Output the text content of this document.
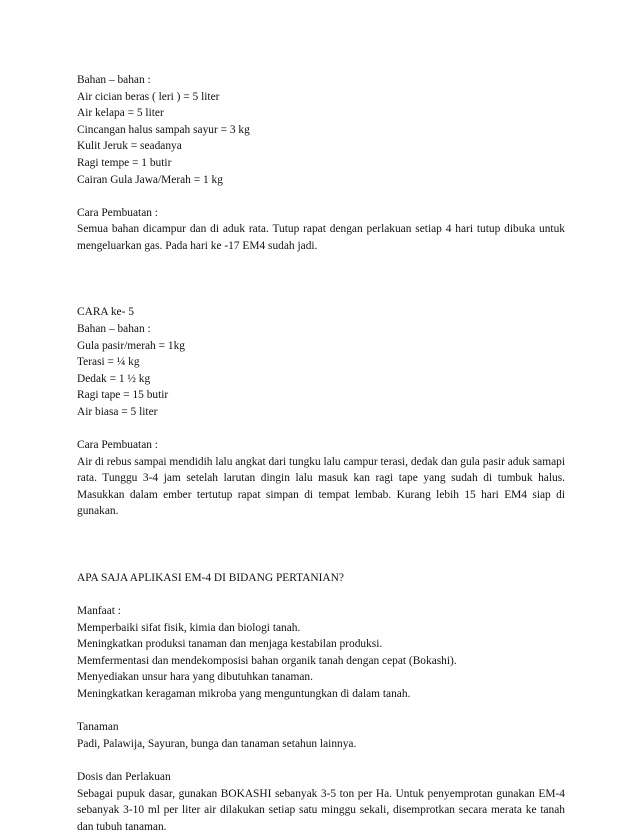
Bahan – bahan :
Air cician beras ( leri ) = 5 liter
Air kelapa = 5 liter
Cincangan halus sampah sayur = 3 kg
Kulit Jeruk = seadanya
Ragi tempe = 1 butir
Cairan Gula Jawa/Merah = 1 kg
Cara Pembuatan :
Semua bahan dicampur dan di aduk rata. Tutup rapat dengan perlakuan setiap 4 hari tutup dibuka untuk mengeluarkan gas. Pada hari ke -17 EM4 sudah jadi.
CARA ke- 5
Bahan – bahan :
Gula pasir/merah = 1kg
Terasi = ¼ kg
Dedak = 1 ½ kg
Ragi tape = 15 butir
Air biasa = 5 liter
Cara Pembuatan :
Air di rebus sampai mendidih lalu angkat dari tungku lalu campur terasi, dedak dan gula pasir aduk samapi rata. Tunggu 3-4 jam setelah larutan dingin lalu masuk kan ragi tape yang sudah di tumbuk halus. Masukkan dalam ember tertutup rapat simpan di tempat lembab. Kurang lebih 15 hari EM4 siap di gunakan.
APA SAJA APLIKASI EM-4 DI BIDANG PERTANIAN?
Manfaat :
Memperbaiki sifat fisik, kimia dan biologi tanah.
Meningkatkan produksi tanaman dan menjaga kestabilan produksi.
Memfermentasi dan mendekomposisi bahan organik tanah dengan cepat (Bokashi).
Menyediakan unsur hara yang dibutuhkan tanaman.
Meningkatkan keragaman mikroba yang menguntungkan di dalam tanah.
Tanaman
Padi, Palawija, Sayuran, bunga dan tanaman setahun lainnya.
Dosis dan Perlakuan
Sebagai pupuk dasar, gunakan BOKASHI sebanyak 3-5 ton per Ha. Untuk penyemprotan gunakan EM-4 sebanyak 3-10 ml per liter air dilakukan setiap satu minggu sekali, disemprotkan secara merata ke tanah dan tubuh tanaman.
